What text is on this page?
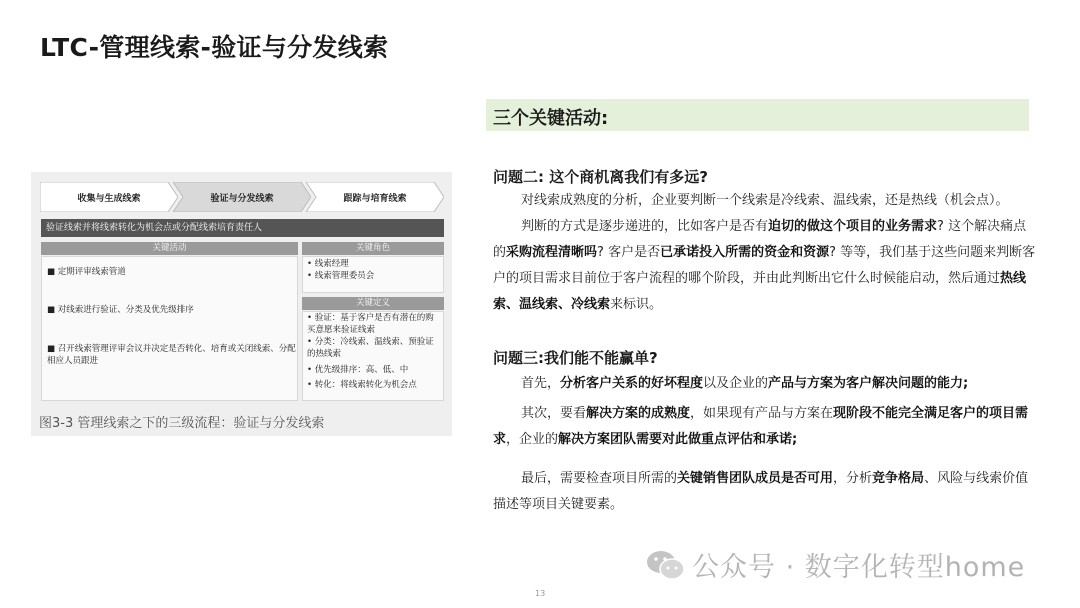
LTC-管理线索-验证与分发线索
收集与生成线索	验证与分发线索	跟踪与培育线索
验证线索并将线索转化为机会点或分配线索培育责任人
关键活动
■ 定期评审线索管道
■ 对线索进行验证、分类及优先级排序
■ 召开线索管理评审会议并决定是否转化、培育或关闭线索、分配相应人员跟进
关键角色
• 线索经理
• 线索管理委员会
关键定义
• 验证：基于客户是否有潜在的购买意愿来验证线索
• 分类：冷线索、温线索、预验证的热线索
• 优先级排序：高、低、中
• 转化：将线索转化为机会点
图3-3 管理线索之下的三级流程：验证与分发线索
三个关键活动:
问题二: 这个商机离我们有多远?
对线索成熟度的分析，企业要判断一个线索是冷线索、温线索，还是热线（机会点）。
判断的方式是逐步递进的，比如客户是否有迫切的做这个项目的业务需求? 这个解决痛点的采购流程清晰吗? 客户是否已承诺投入所需的资金和资源? 等等，我们基于这些问题来判断客户的项目需求目前位于客户流程的哪个阶段，并由此判断出它什么时候能启动，然后通过热线索、温线索、冷线索来标识。
问题三:我们能不能赢单?
首先，分析客户关系的好坏程度以及企业的产品与方案为客户解决问题的能力;
其次，要看解决方案的成熟度，如果现有产品与方案在现阶段不能完全满足客户的项目需求，企业的解决方案团队需要对此做重点评估和承诺;
最后，需要检查项目所需的关键销售团队成员是否可用，分析竞争格局、风险与线索价值描述等项目关键要素。
公众号 · 数字化转型home
13
